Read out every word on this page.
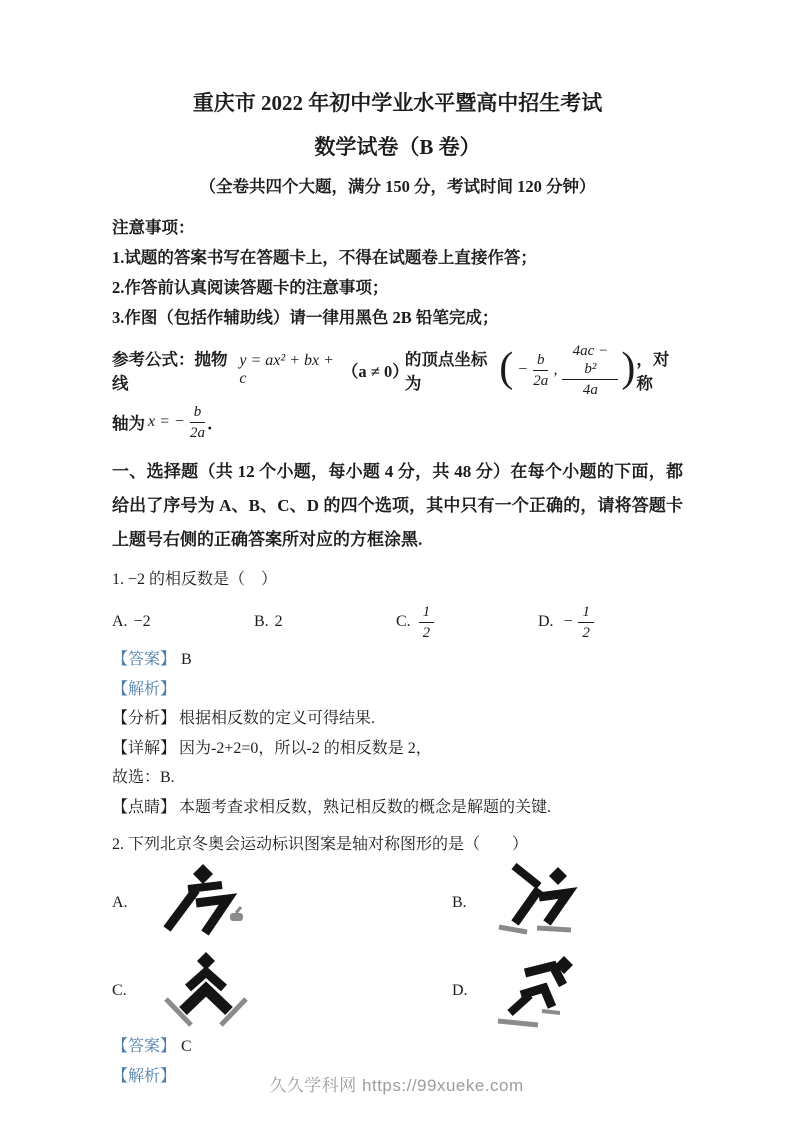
重庆市 2022 年初中学业水平暨高中招生考试
数学试卷（B 卷）
（全卷共四个大题，满分 150 分，考试时间 120 分钟）
注意事项：
1.试题的答案书写在答题卡上，不得在试题卷上直接作答；
2.作答前认真阅读答题卡的注意事项；
3.作图（包括作辅助线）请一律用黑色 2B 铅笔完成；
参考公式：抛物线
y = ax² + bx + c	（a ≠ 0）
的顶点坐标为	( − $\frac{b}{2a}$ , $\frac{\text{4ac − b²}}{4a}$ ) ，对称
轴为 x = − $\frac{b}{2a}$ ．
一、选择题（共 12 个小题，每小题 4 分，共 48 分）在每个小题的下面，都给出了序号为 A、B、C、D 的四个选项，其中只有一个正确的，请将答题卡上题号右侧的正确答案所对应的方框涂黑.
1. −2 的相反数是（　）
A. −2	B. 2	C. $\frac{1}{2}$	D. − $\frac{1}{2}$
【答案】 B
【解析】
【分析】 根据相反数的定义可得结果.
【详解】 因为-2+2=0，所以-2 的相反数是 2，
故选：B.
【点睛】 本题考查求相反数，熟记相反数的概念是解题的关键.
2. 下列北京冬奥会运动标识图案是轴对称图形的是（　　）
A.	B.
C.	D.
【答案】 C
【解析】	久久学科网 https://99xueke.com
